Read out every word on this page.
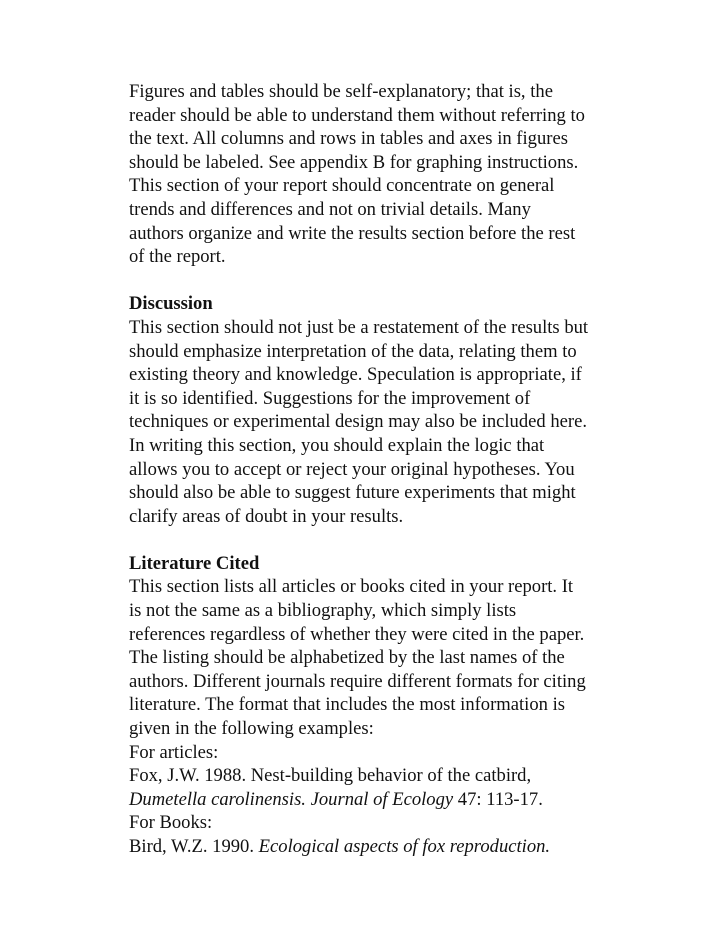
Figures and tables should be self-explanatory; that is, the
reader should be able to understand them without referring to
the text. All columns and rows in tables and axes in figures
should be labeled. See appendix B for graphing instructions.
This section of your report should concentrate on general
trends and differences and not on trivial details. Many
authors organize and write the results section before the rest
of the report.
Discussion
This section should not just be a restatement of the results but
should emphasize interpretation of the data, relating them to
existing theory and knowledge. Speculation is appropriate, if
it is so identified. Suggestions for the improvement of
techniques or experimental design may also be included here.
In writing this section, you should explain the logic that
allows you to accept or reject your original hypotheses. You
should also be able to suggest future experiments that might
clarify areas of doubt in your results.
Literature Cited
This section lists all articles or books cited in your report. It
is not the same as a bibliography, which simply lists
references regardless of whether they were cited in the paper.
The listing should be alphabetized by the last names of the
authors. Different journals require different formats for citing
literature. The format that includes the most information is
given in the following examples:
For articles:
Fox, J.W. 1988. Nest-building behavior of the catbird,
Dumetella carolinensis. Journal of Ecology 47: 113-17.
For Books:
Bird, W.Z. 1990. Ecological aspects of fox reproduction.
